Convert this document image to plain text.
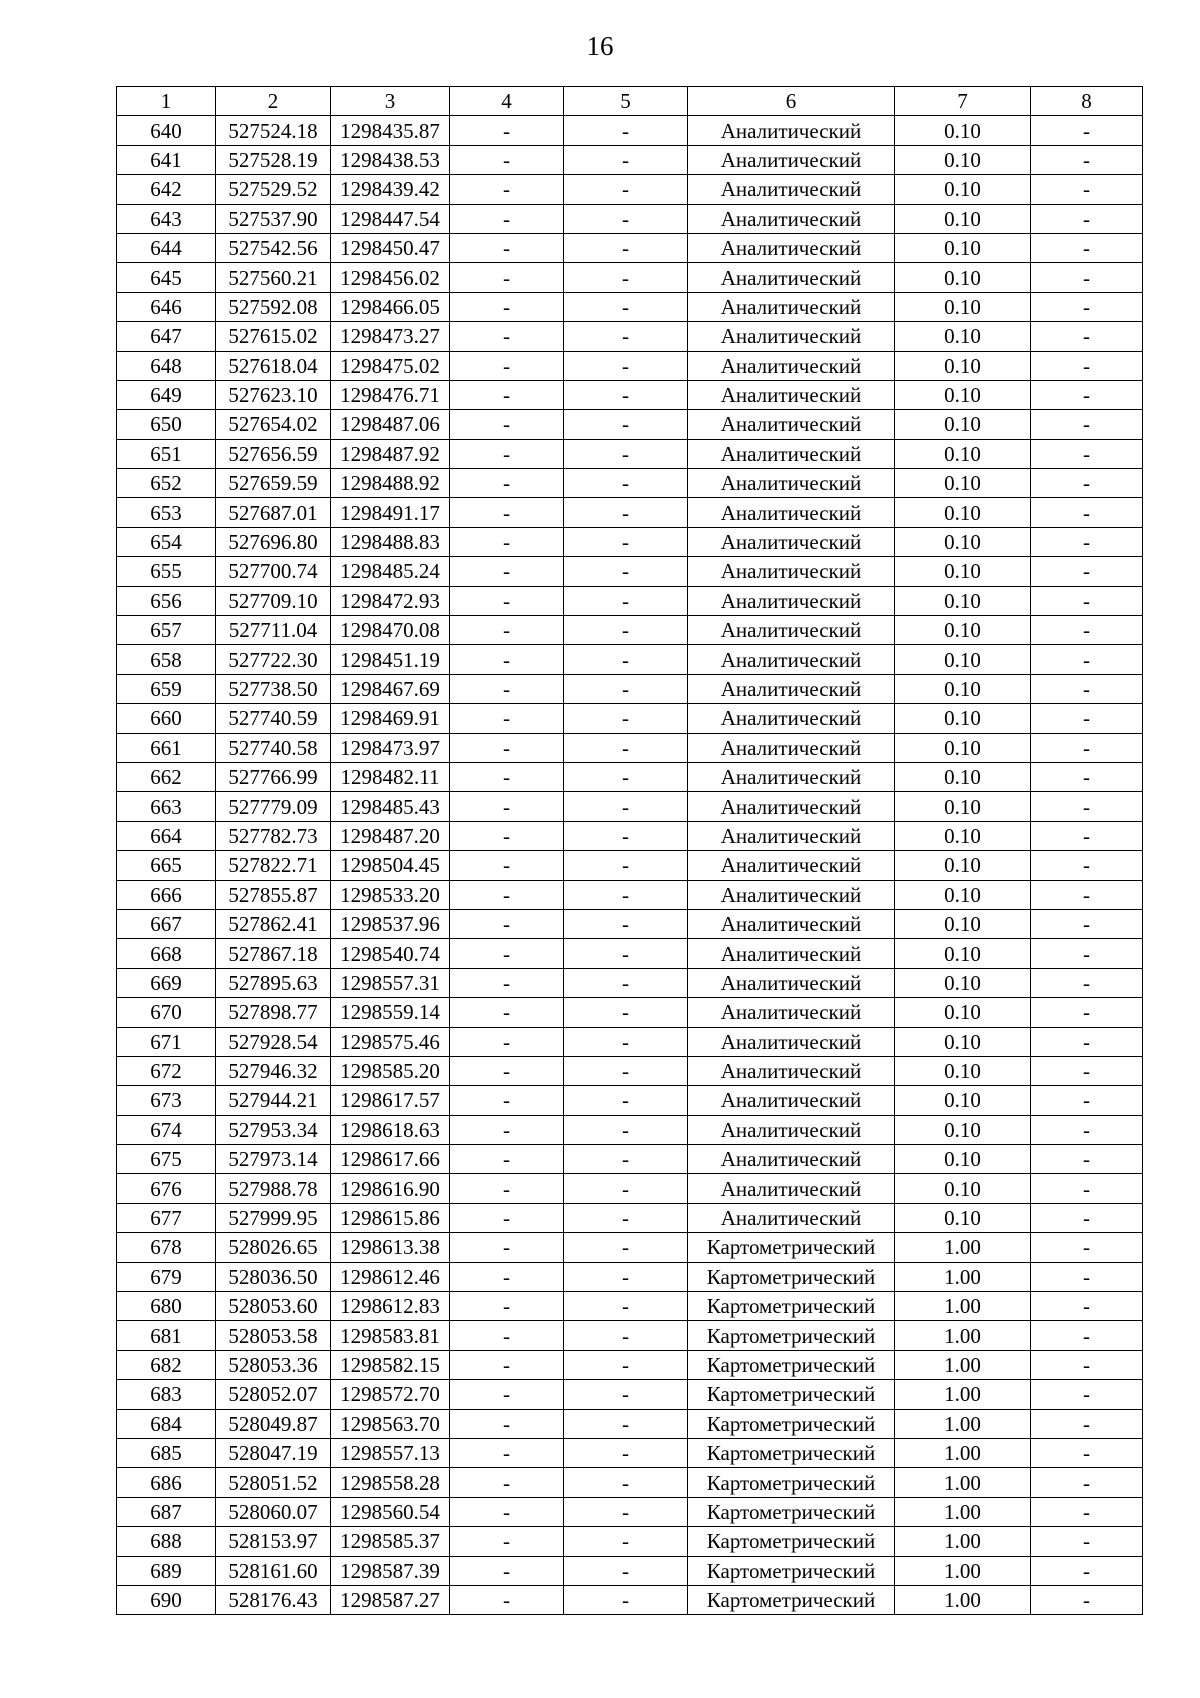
16
1	2	3	4	5	6	7	8
640	527524.18	1298435.87	-	-	Аналитический	0.10	-
641	527528.19	1298438.53	-	-	Аналитический	0.10	-
642	527529.52	1298439.42	-	-	Аналитический	0.10	-
643	527537.90	1298447.54	-	-	Аналитический	0.10	-
644	527542.56	1298450.47	-	-	Аналитический	0.10	-
645	527560.21	1298456.02	-	-	Аналитический	0.10	-
646	527592.08	1298466.05	-	-	Аналитический	0.10	-
647	527615.02	1298473.27	-	-	Аналитический	0.10	-
648	527618.04	1298475.02	-	-	Аналитический	0.10	-
649	527623.10	1298476.71	-	-	Аналитический	0.10	-
650	527654.02	1298487.06	-	-	Аналитический	0.10	-
651	527656.59	1298487.92	-	-	Аналитический	0.10	-
652	527659.59	1298488.92	-	-	Аналитический	0.10	-
653	527687.01	1298491.17	-	-	Аналитический	0.10	-
654	527696.80	1298488.83	-	-	Аналитический	0.10	-
655	527700.74	1298485.24	-	-	Аналитический	0.10	-
656	527709.10	1298472.93	-	-	Аналитический	0.10	-
657	527711.04	1298470.08	-	-	Аналитический	0.10	-
658	527722.30	1298451.19	-	-	Аналитический	0.10	-
659	527738.50	1298467.69	-	-	Аналитический	0.10	-
660	527740.59	1298469.91	-	-	Аналитический	0.10	-
661	527740.58	1298473.97	-	-	Аналитический	0.10	-
662	527766.99	1298482.11	-	-	Аналитический	0.10	-
663	527779.09	1298485.43	-	-	Аналитический	0.10	-
664	527782.73	1298487.20	-	-	Аналитический	0.10	-
665	527822.71	1298504.45	-	-	Аналитический	0.10	-
666	527855.87	1298533.20	-	-	Аналитический	0.10	-
667	527862.41	1298537.96	-	-	Аналитический	0.10	-
668	527867.18	1298540.74	-	-	Аналитический	0.10	-
669	527895.63	1298557.31	-	-	Аналитический	0.10	-
670	527898.77	1298559.14	-	-	Аналитический	0.10	-
671	527928.54	1298575.46	-	-	Аналитический	0.10	-
672	527946.32	1298585.20	-	-	Аналитический	0.10	-
673	527944.21	1298617.57	-	-	Аналитический	0.10	-
674	527953.34	1298618.63	-	-	Аналитический	0.10	-
675	527973.14	1298617.66	-	-	Аналитический	0.10	-
676	527988.78	1298616.90	-	-	Аналитический	0.10	-
677	527999.95	1298615.86	-	-	Аналитический	0.10	-
678	528026.65	1298613.38	-	-	Картометрический	1.00	-
679	528036.50	1298612.46	-	-	Картометрический	1.00	-
680	528053.60	1298612.83	-	-	Картометрический	1.00	-
681	528053.58	1298583.81	-	-	Картометрический	1.00	-
682	528053.36	1298582.15	-	-	Картометрический	1.00	-
683	528052.07	1298572.70	-	-	Картометрический	1.00	-
684	528049.87	1298563.70	-	-	Картометрический	1.00	-
685	528047.19	1298557.13	-	-	Картометрический	1.00	-
686	528051.52	1298558.28	-	-	Картометрический	1.00	-
687	528060.07	1298560.54	-	-	Картометрический	1.00	-
688	528153.97	1298585.37	-	-	Картометрический	1.00	-
689	528161.60	1298587.39	-	-	Картометрический	1.00	-
690	528176.43	1298587.27	-	-	Картометрический	1.00	-
